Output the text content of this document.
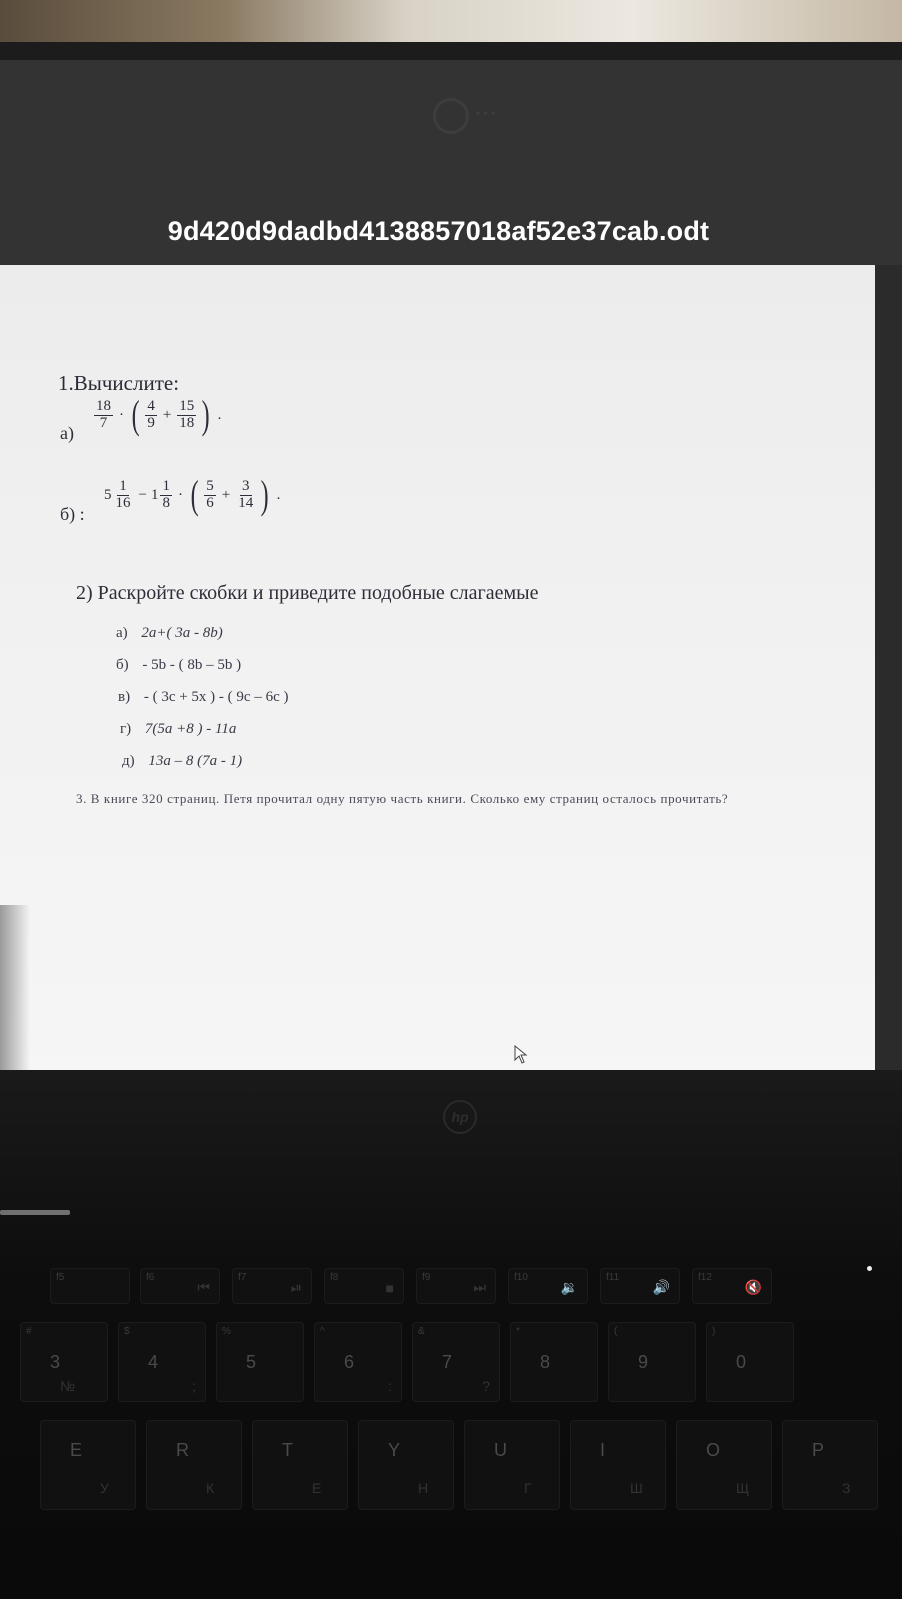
• • •
9d420d9dadbd4138857018af52e37cab.odt
1.Вычислите:
а)
$\frac{18}{7}$ · ( $\frac{4}{9} + \frac{15}{18}$ ) .
б) :
$5 \frac{1}{16} - 1 \frac{1}{8}$ · ( $\frac{5}{6} + \frac{3}{14}$ ) .
2) Раскройте скобки и приведите подобные слагаемые
а) 2a+( 3a - 8b)
б) - 5b - ( 8b – 5b )
в) - ( 3c + 5x ) - ( 9c – 6c )
г) 7(5a +8 ) - 11a
д) 13a – 8 (7a - 1)
3. В книге 320 страниц. Петя прочитал одну пятую часть книги. Сколько ему страниц осталось прочитать?
hp
f5	f6
⏮
f7
⏯
f8
■
f9
⏭
f10
🔉
f11
🔊
f12
🔇
#
3
№
$
4
;
%
5
^
6
:
&
7
?
*
8
(
9
)
0
E
У
R
К
T
Е
Y
Н
U
Г
I
Ш
O
Щ
P
З
